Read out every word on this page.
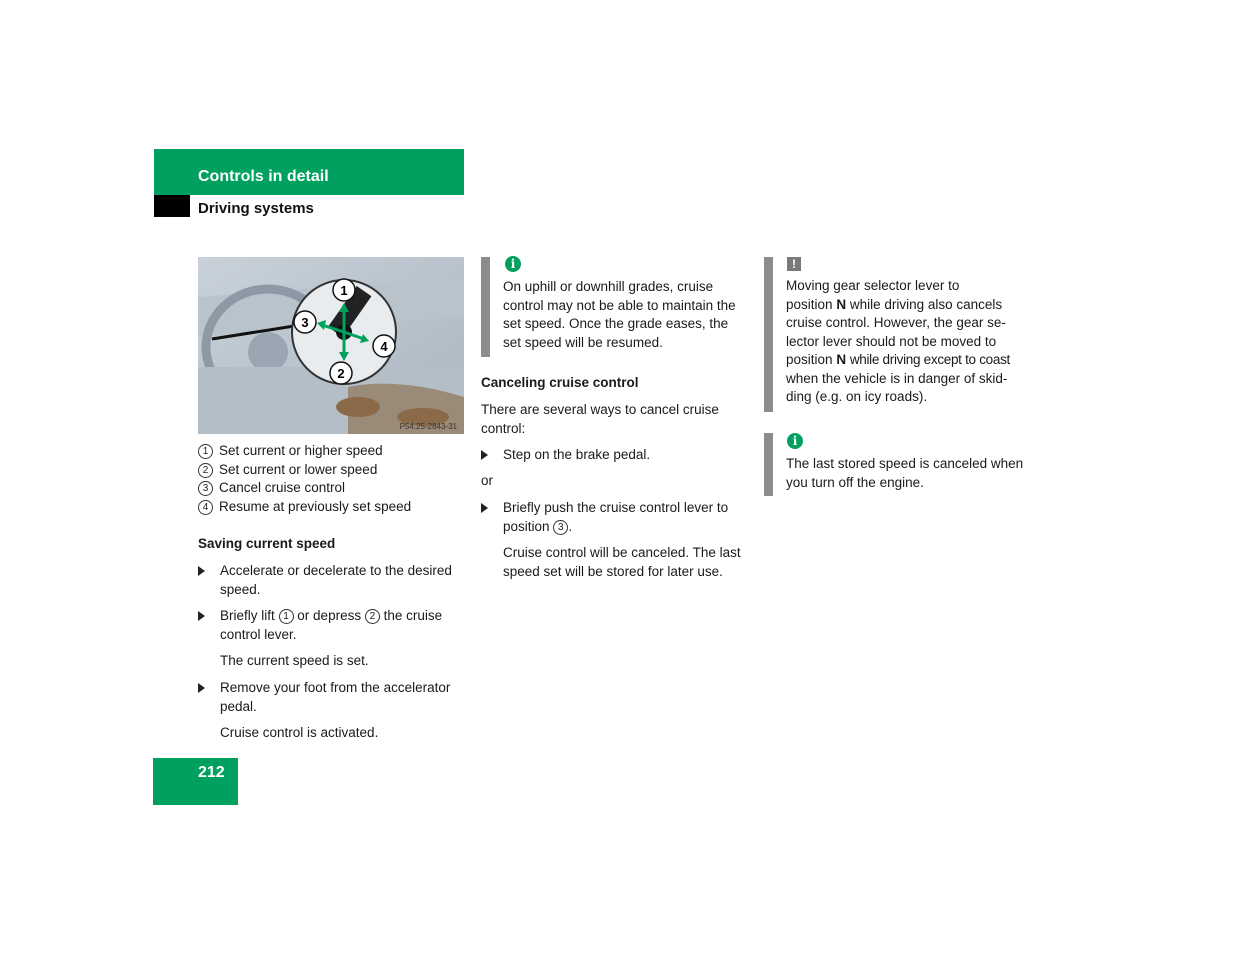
Controls in detail
Driving systems
1
2
3
4
P54.25-2843-31
1 Set current or higher speed
2 Set current or lower speed
3 Cancel cruise control
4 Resume at previously set speed
Saving current speed
Accelerate or decelerate to the desired speed.
Briefly lift 1 or depress 2 the cruise control lever.
The current speed is set.
Remove your foot from the accelerator pedal.
Cruise control is activated.
212
i
On uphill or downhill grades, cruise control may not be able to maintain the set speed. Once the grade eases, the set speed will be resumed.
Canceling cruise control
There are several ways to cancel cruise control:
Step on the brake pedal.
or
Briefly push the cruise control lever to position 3 .
Cruise control will be canceled. The last speed set will be stored for later use.
!
Moving gear selector lever to
position N while driving also cancels
cruise control. However, the gear se-
lector lever should not be moved to
position N while driving except to coast
when the vehicle is in danger of skid-
ding (e.g. on icy roads).
i
The last stored speed is canceled when you turn off the engine.
